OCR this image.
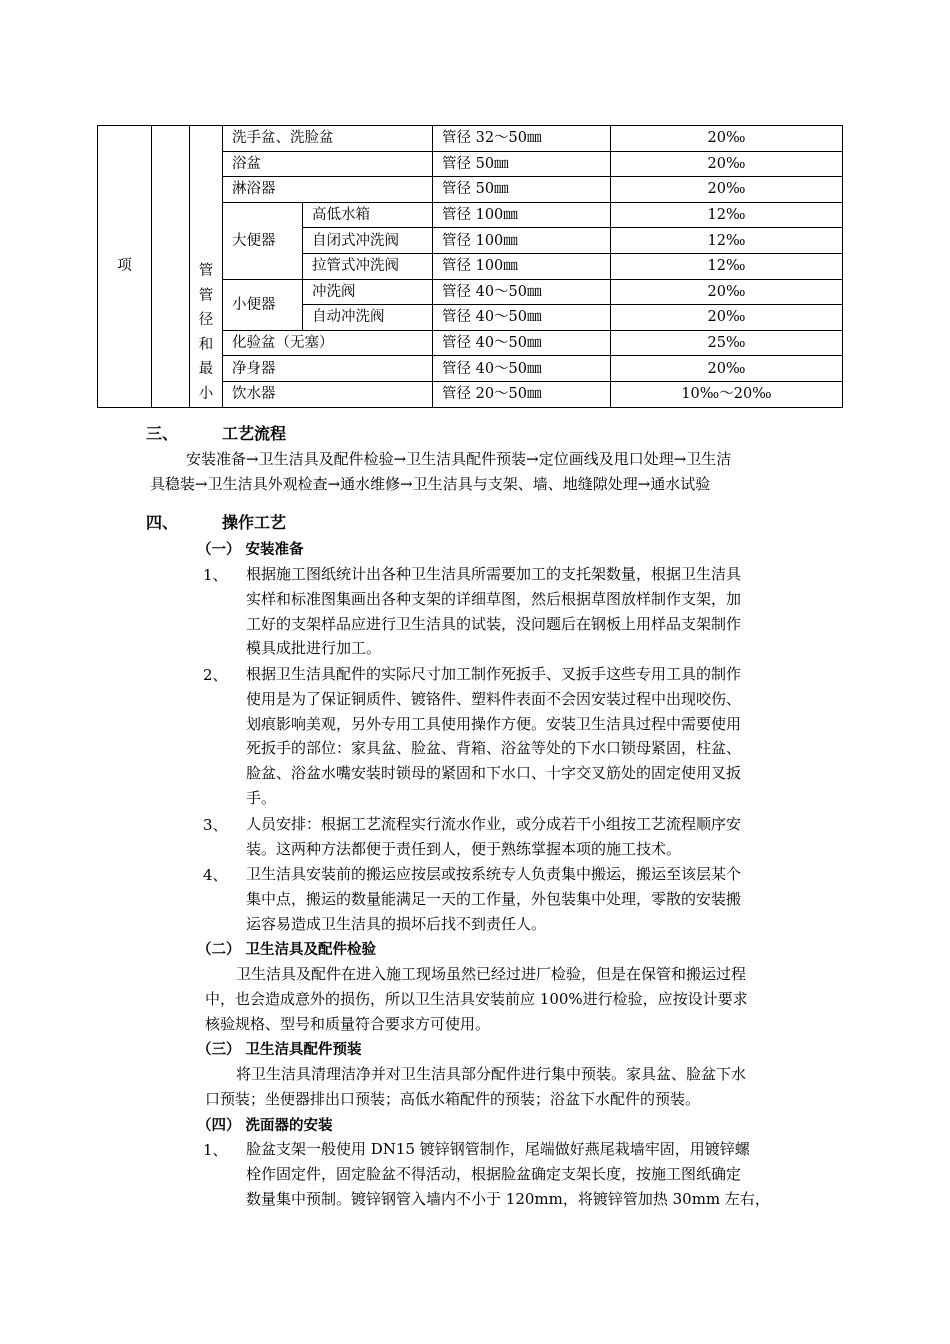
项		管管径和最小	洗手盆、洗脸盆		管径 32～50㎜	20‰
			浴盆		管径 50㎜	20‰
			淋浴器		管径 50㎜	20‰
			大便器	高低水箱	管径 100㎜	12‰
				自闭式冲洗阀	管径 100㎜	12‰
				拉管式冲洗阀	管径 100㎜	12‰
			小便器	冲洗阀	管径 40～50㎜	20‰
				自动冲洗阀	管径 40～50㎜	20‰
			化验盆（无塞）		管径 40～50㎜	25‰
			净身器		管径 40～50㎜	20‰
			饮水器		管径 20～50㎜	10‰～20‰
三、	工艺流程
安装准备→卫生洁具及配件检验→卫生洁具配件预装→定位画线及甩口处理→卫生洁
具稳装→卫生洁具外观检查→通水维修→卫生洁具与支架、墙、地缝隙处理→通水试验
四、	操作工艺
（一） 安装准备
1、 根据施工图纸统计出各种卫生洁具所需要加工的支托架数量，根据卫生洁具
实样和标准图集画出各种支架的详细草图，然后根据草图放样制作支架，加
工好的支架样品应进行卫生洁具的试装，没问题后在钢板上用样品支架制作
模具成批进行加工。
2、 根据卫生洁具配件的实际尺寸加工制作死扳手、叉扳手这些专用工具的制作
使用是为了保证铜质件、镀铬件、塑料件表面不会因安装过程中出现咬伤、
划痕影响美观，另外专用工具使用操作方便。安装卫生洁具过程中需要使用
死扳手的部位：家具盆、脸盆、背箱、浴盆等处的下水口锁母紧固，柱盆、
脸盆、浴盆水嘴安装时锁母的紧固和下水口、十字交叉筋处的固定使用叉扳
手。
3、 人员安排：根据工艺流程实行流水作业，或分成若干小组按工艺流程顺序安
装。这两种方法都便于责任到人，便于熟练掌握本项的施工技术。
4、 卫生洁具安装前的搬运应按层或按系统专人负责集中搬运，搬运至该层某个
集中点，搬运的数量能满足一天的工作量，外包装集中处理，零散的安装搬
运容易造成卫生洁具的损坏后找不到责任人。
（二） 卫生洁具及配件检验
卫生洁具及配件在进入施工现场虽然已经过进厂检验，但是在保管和搬运过程
中，也会造成意外的损伤，所以卫生洁具安装前应 100%进行检验，应按设计要求
核验规格、型号和质量符合要求方可使用。
（三） 卫生洁具配件预装
将卫生洁具清理洁净并对卫生洁具部分配件进行集中预装。家具盆、脸盆下水
口预装；坐便器排出口预装；高低水箱配件的预装；浴盆下水配件的预装。
（四） 洗面器的安装
1、 脸盆支架一般使用 DN15 镀锌钢管制作，尾端做好燕尾栽墙牢固，用镀锌螺
栓作固定件，固定脸盆不得活动，根据脸盆确定支架长度，按施工图纸确定
数量集中预制。镀锌钢管入墙内不小于 120mm，将镀锌管加热 30mm 左右，
